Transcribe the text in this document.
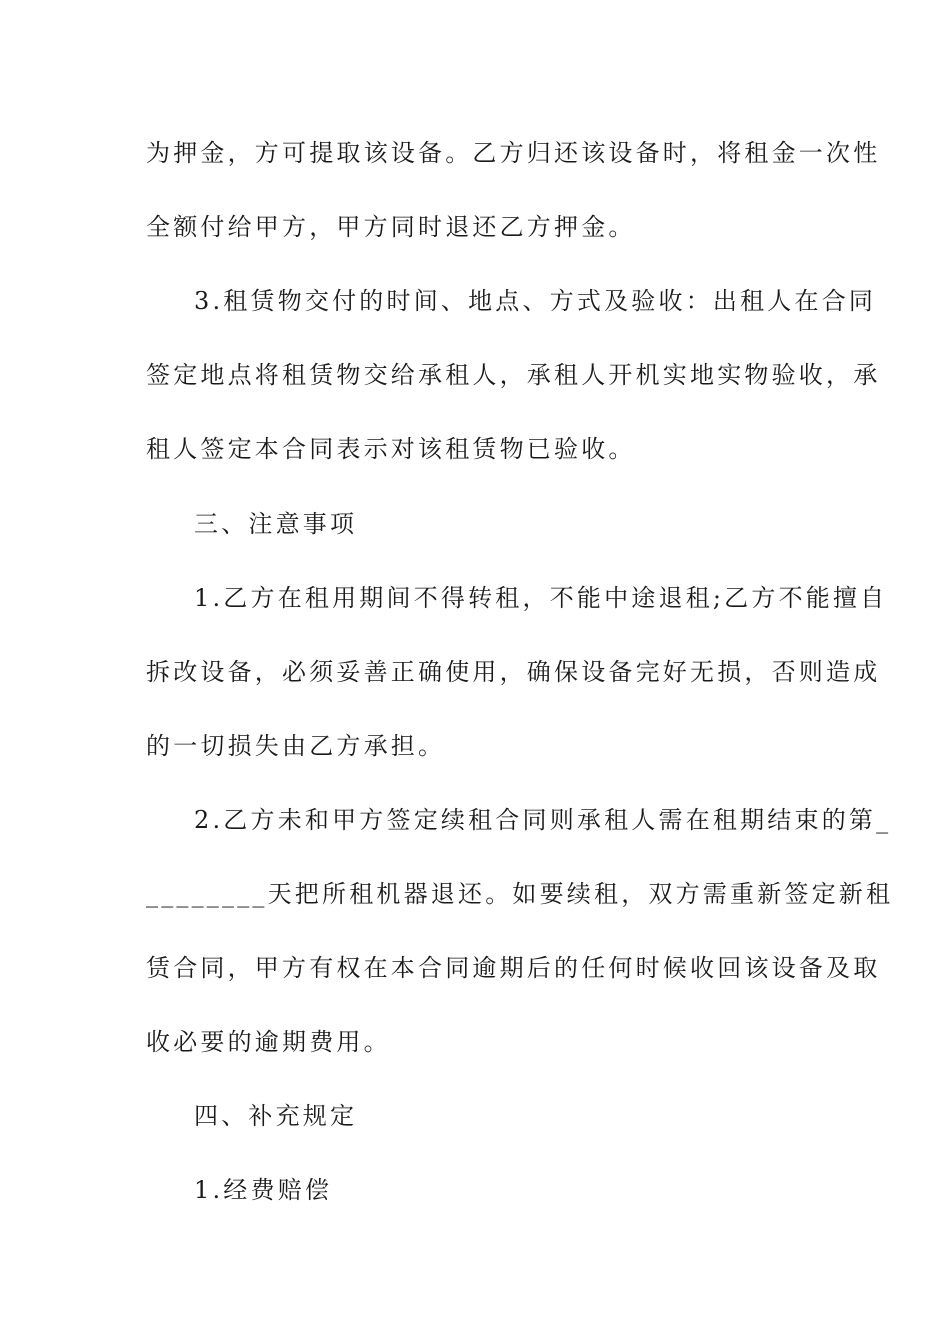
为押金，方可提取该设备。乙方归还该设备时，将租金一次性
全额付给甲方，甲方同时退还乙方押金。
3.租赁物交付的时间、地点、方式及验收：出租人在合同
签定地点将租赁物交给承租人，承租人开机实地实物验收，承
租人签定本合同表示对该租赁物已验收。
三、注意事项
1.乙方在租用期间不得转租，不能中途退租;乙方不能擅自
拆改设备，必须妥善正确使用，确保设备完好无损，否则造成
的一切损失由乙方承担。
2.乙方未和甲方签定续租合同则承租人需在租期结束的第_
________天把所租机器退还。如要续租，双方需重新签定新租
赁合同，甲方有权在本合同逾期后的任何时候收回该设备及取
收必要的逾期费用。
四、补充规定
1.经费赔偿
